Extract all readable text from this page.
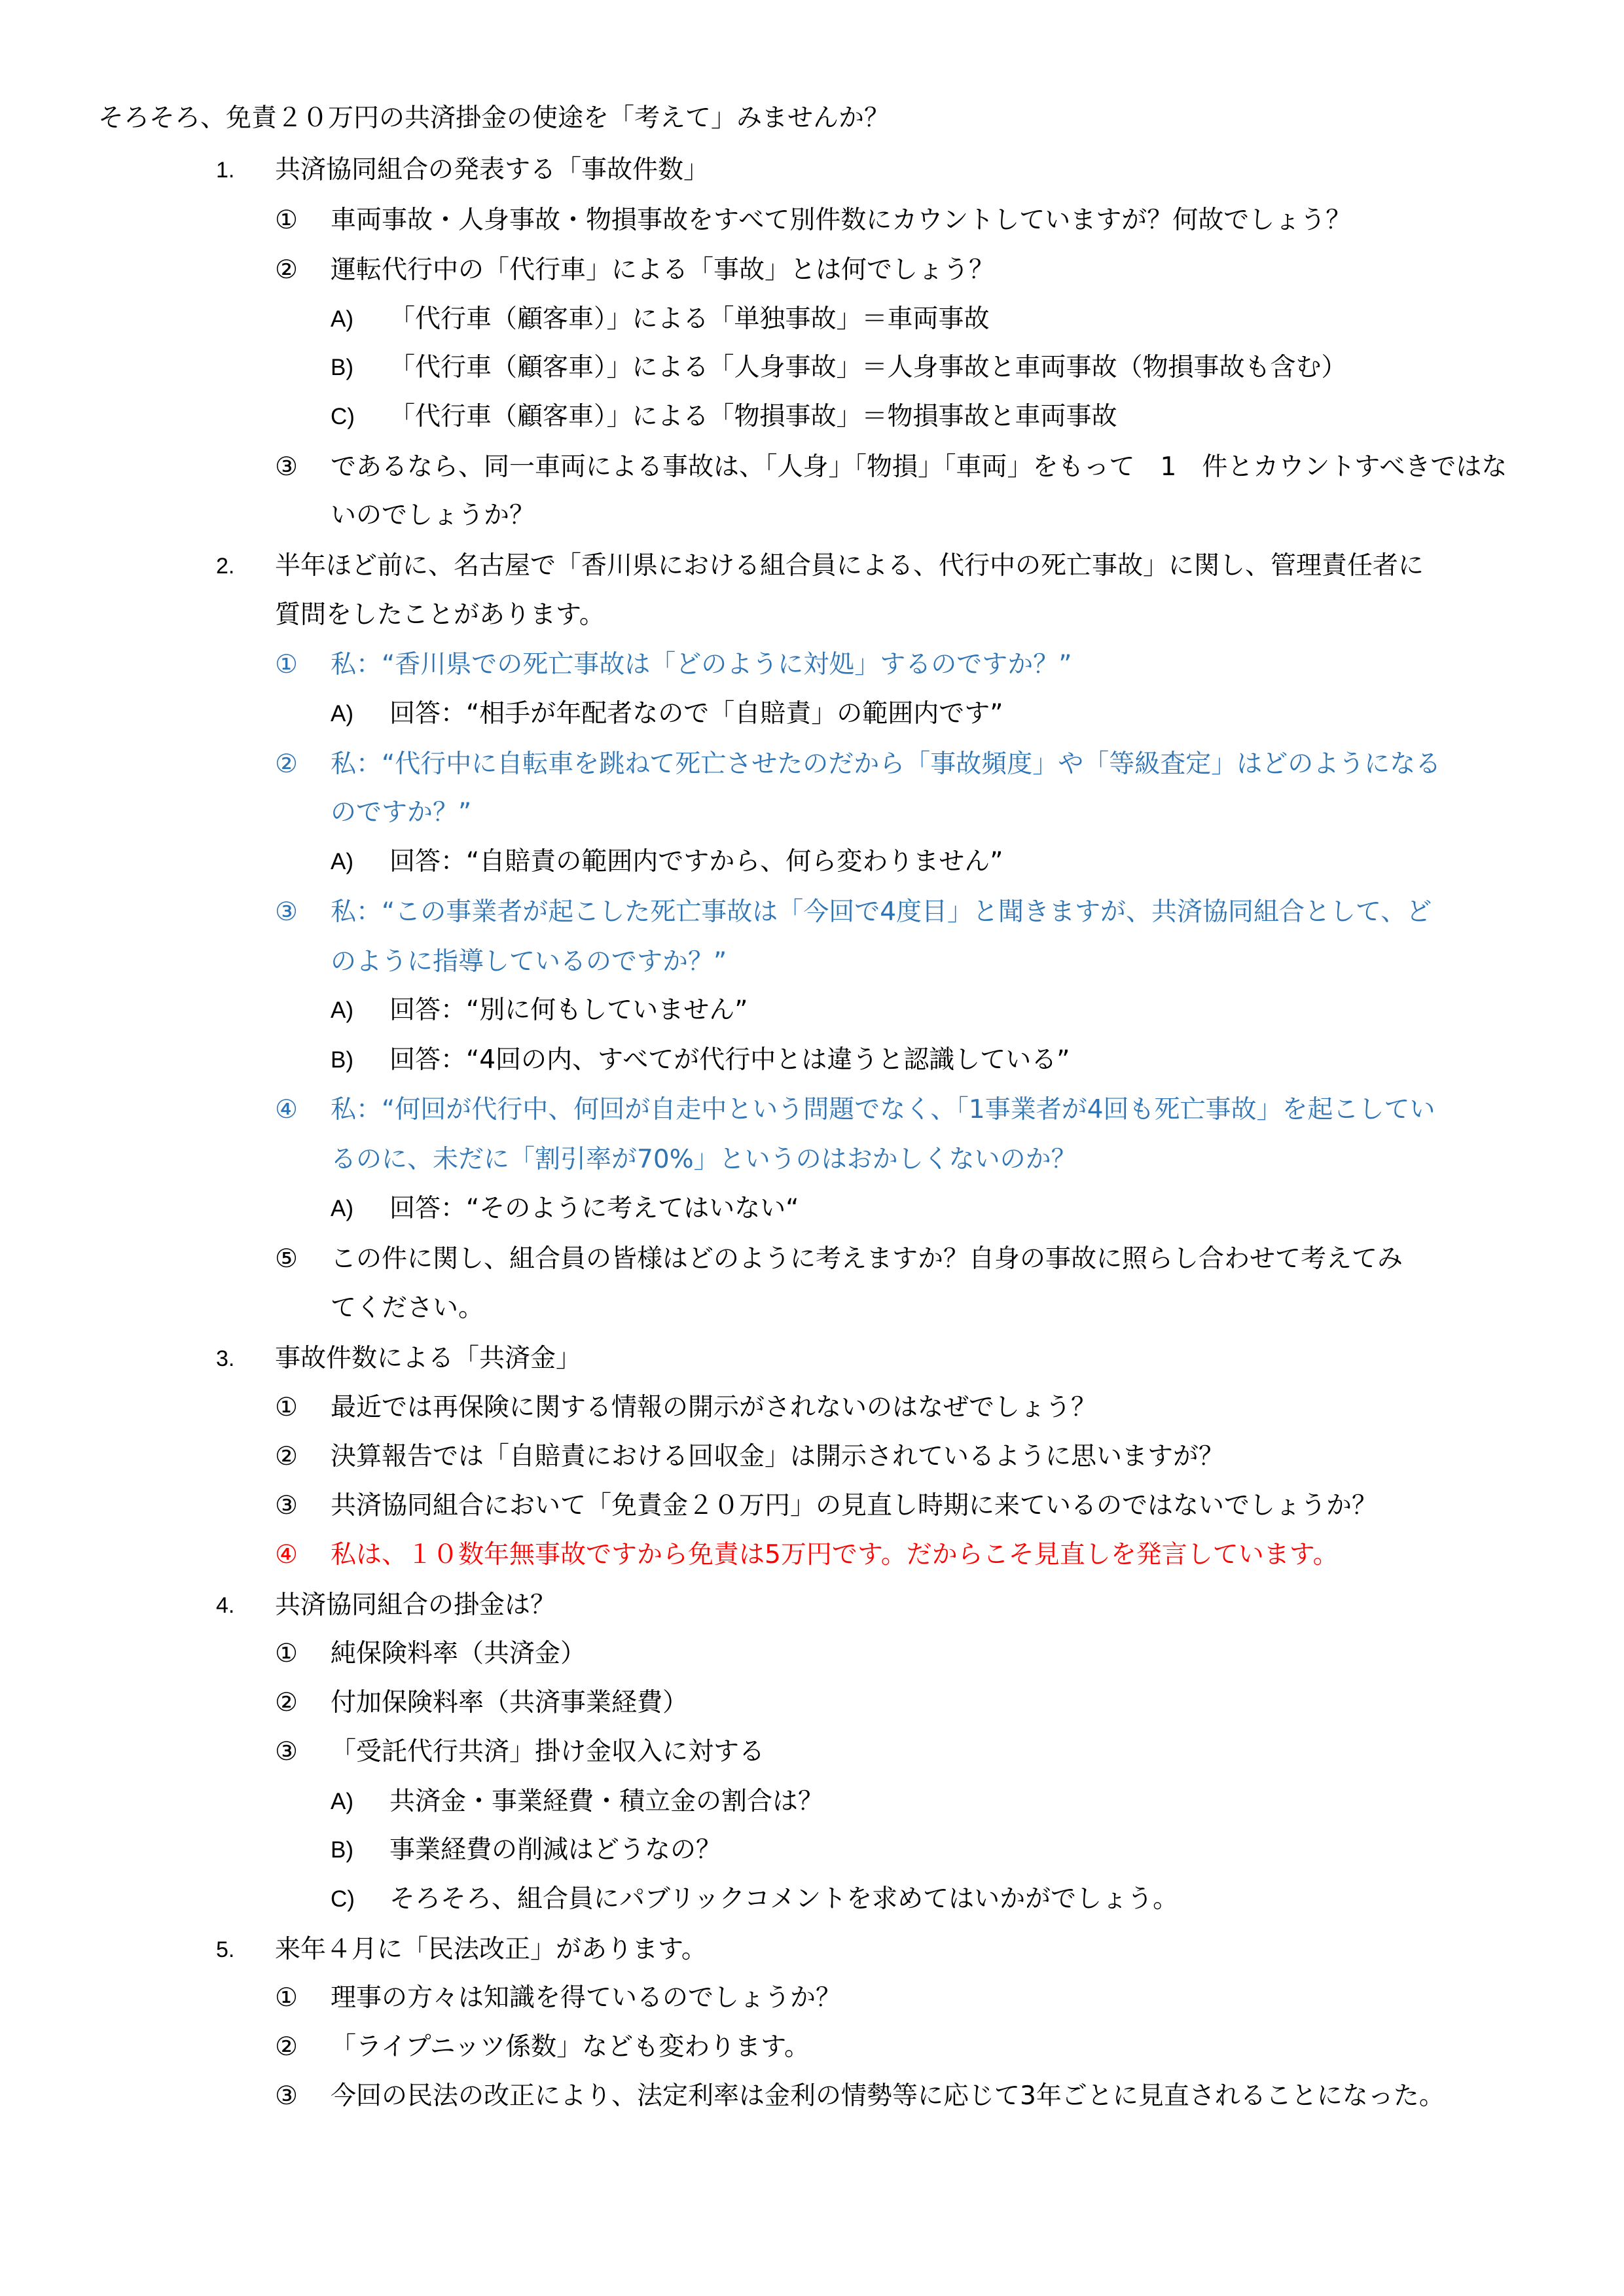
そろそろ、免責２０万円の共済掛金の使途を「考えて」みませんか？
1. 共済協同組合の発表する「事故件数」
① 車両事故・人身事故・物損事故をすべて別件数にカウントしていますが？何故でしょう？
② 運転代行中の「代行車」による「事故」とは何でしょう？
A) 「代行車（顧客車）」による「単独事故」＝車両事故
B) 「代行車（顧客車）」による「人身事故」＝人身事故と車両事故（物損事故も含む）
C) 「代行車（顧客車）」による「物損事故」＝物損事故と車両事故
③ であるなら、同一車両による事故は、「人身」「物損」「車両」をもって　1　件とカウントすべきではな
いのでしょうか？
2. 半年ほど前に、名古屋で「香川県における組合員による、代行中の死亡事故」に関し、管理責任者に
質問をしたことがあります。
① 私：“香川県での死亡事故は「どのように対処」するのですか？”
A) 回答：“相手が年配者なので「自賠責」の範囲内です”
② 私：“代行中に自転車を跳ねて死亡させたのだから「事故頻度」や「等級査定」はどのようになる
のですか？”
A) 回答：“自賠責の範囲内ですから、何ら変わりません”
③ 私：“この事業者が起こした死亡事故は「今回で4度目」と聞きますが、共済協同組合として、ど
のように指導しているのですか？”
A) 回答：“別に何もしていません”
B) 回答：“4回の内、すべてが代行中とは違うと認識している”
④ 私：“何回が代行中、何回が自走中という問題でなく、「1事業者が4回も死亡事故」を起こしてい
るのに、未だに「割引率が70%」というのはおかしくないのか？
A) 回答：“そのように考えてはいない“
⑤ この件に関し、組合員の皆様はどのように考えますか？自身の事故に照らし合わせて考えてみ
てください。
3. 事故件数による「共済金」
① 最近では再保険に関する情報の開示がされないのはなぜでしょう？
② 決算報告では「自賠責における回収金」は開示されているように思いますが？
③ 共済協同組合において「免責金２０万円」の見直し時期に来ているのではないでしょうか？
④ 私は、１０数年無事故ですから免責は5万円です。だからこそ見直しを発言しています。
4. 共済協同組合の掛金は？
① 純保険料率（共済金）
② 付加保険料率（共済事業経費）
③ 「受託代行共済」掛け金収入に対する
A) 共済金・事業経費・積立金の割合は？
B) 事業経費の削減はどうなの？
C) そろそろ、組合員にパブリックコメントを求めてはいかがでしょう。
5. 来年４月に「民法改正」があります。
① 理事の方々は知識を得ているのでしょうか？
② 「ライプニッツ係数」なども変わります。
③ 今回の民法の改正により、法定利率は金利の情勢等に応じて3年ごとに見直されることになった。
